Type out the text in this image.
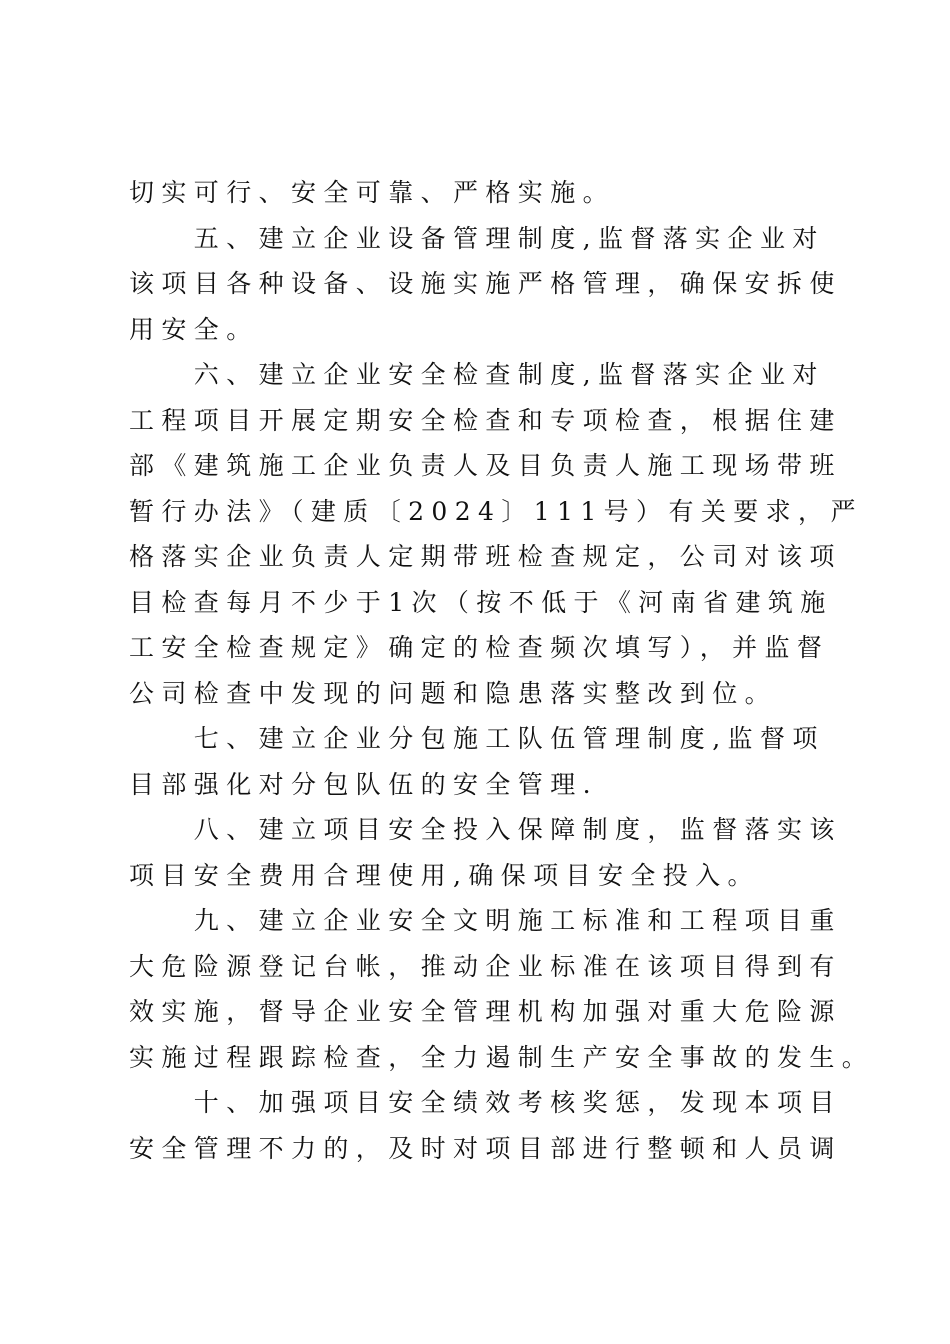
切实可行、安全可靠、严格实施。
　　五、建立企业设备管理制度,监督落实企业对
该项目各种设备、设施实施严格管理，确保安拆使
用安全。
　　六、建立企业安全检查制度,监督落实企业对
工程项目开展定期安全检查和专项检查，根据住建
部《建筑施工企业负责人及目负责人施工现场带班
暂行办法》（建质〔2024〕111号）有关要求，严
格落实企业负责人定期带班检查规定，公司对该项
目检查每月不少于1次（按不低于《河南省建筑施
工安全检查规定》确定的检查频次填写），并监督
公司检查中发现的问题和隐患落实整改到位。
　　七、建立企业分包施工队伍管理制度,监督项
目部强化对分包队伍的安全管理.
　　八、建立项目安全投入保障制度，监督落实该
项目安全费用合理使用,确保项目安全投入。
　　九、建立企业安全文明施工标准和工程项目重
大危险源登记台帐，推动企业标准在该项目得到有
效实施，督导企业安全管理机构加强对重大危险源
实施过程跟踪检查，全力遏制生产安全事故的发生。
　　十、加强项目安全绩效考核奖惩，发现本项目
安全管理不力的，及时对项目部进行整顿和人员调
